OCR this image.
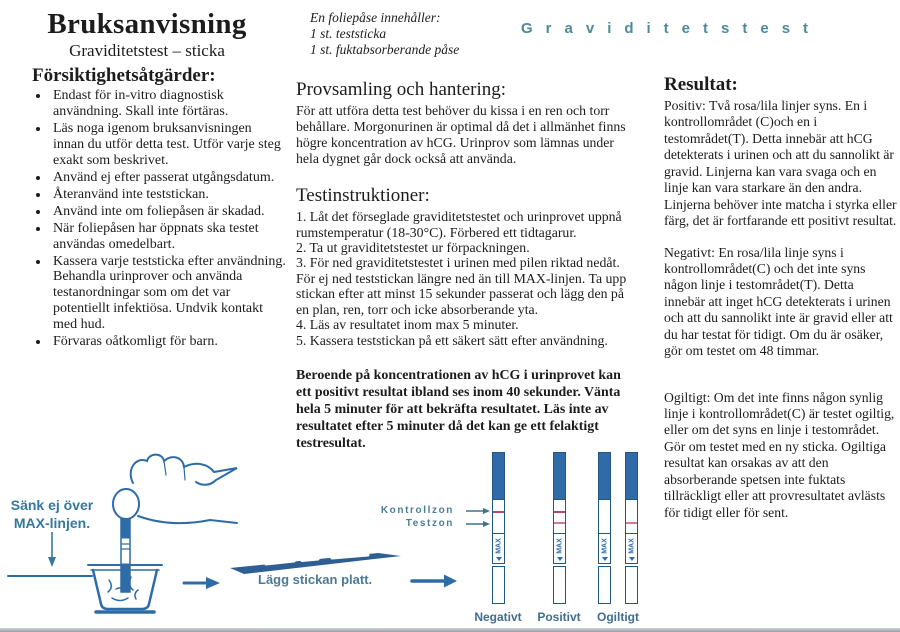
Bruksanvisning

Graviditetstest – sticka

Försiktighetsåtgärder:
• Endast för in-vitro diagnostisk användning. Skall inte förtäras.
• Läs noga igenom bruksanvisningen innan du utför detta test. Utför varje steg exakt som beskrivet.
• Använd ej efter passerat utgångsdatum.
• Återanvänd inte teststickan.
• Använd inte om foliepåsen är skadad.
• När foliepåsen har öppnats ska testet användas omedelbart.
• Kassera varje teststicka efter användning. Behandla urinprover och använda testanordningar som om det var potentiellt infektiösa. Undvik kontakt med hud.
• Förvaras oåtkomligt för barn.
En foliepåse innehåller:
1 st. teststicka
1 st. fuktabsorberande påse
Provsamling och hantering:

För att utföra detta test behöver du kissa i en ren och torr behållare. Morgonurinen är optimal då det i allmänhet finns högre koncentration av hCG. Urinprov som lämnas under hela dygnet går dock också att använda.

Testinstruktioner:
1. Låt det förseglade graviditetstestet och urinprovet uppnå rumstemperatur (18-30°C). Förbered ett tidtagarur.
2. Ta ut graviditetstestet ur förpackningen.
3. För ned graviditetstestet i urinen med pilen riktad nedåt. För ej ned teststickan längre ned än till MAX-linjen. Ta upp stickan efter att minst 15 sekunder passerat och lägg den på en plan, ren, torr och icke absorberande yta.
4. Läs av resultatet inom max 5 minuter.
5. Kassera teststickan på ett säkert sätt efter användning.

Beroende på koncentrationen av hCG i urinprovet kan ett positivt resultat ibland ses inom 40 sekunder. Vänta hela 5 minuter för att bekräfta resultatet. Läs inte av resultatet efter 5 minuter då det kan ge ett felaktigt testresultat.

Resultat:

Positiv: Två rosa/lila linjer syns. En i kontrollområdet (C)och en i testområdet(T). Detta innebär att hCG detekterats i urinen och att du sannolikt är gravid. Linjerna kan vara svaga och en linje kan vara starkare än den andra. Linjerna behöver inte matcha i styrka eller färg, det är fortfarande ett positivt resultat.

Negativt: En rosa/lila linje syns i kontrollområdet(C) och det inte syns någon linje i testområdet(T). Detta innebär att inget hCG detekterats i urinen och att du sannolikt inte är gravid eller att du har testat för tidigt. Om du är osäker, gör om testet om 48 timmar.

Ogiltigt: Om det inte finns någon synlig linje i kontrollområdet(C) är testet ogiltig, eller om det syns en linje i testområdet. Gör om testet med en ny sticka. Ogiltiga resultat kan orsakas av att den absorberande spetsen inte fuktats tillräckligt eller att provresultatet avlästs för tidigt eller för sent.

Graviditetstest
Sänk ej över
MAX-linjen.
Lägg stickan platt.
Kontrollzon
Testzon
MAX	MAX	MAX	MAX
Negativt	Positivt	Ogiltigt
